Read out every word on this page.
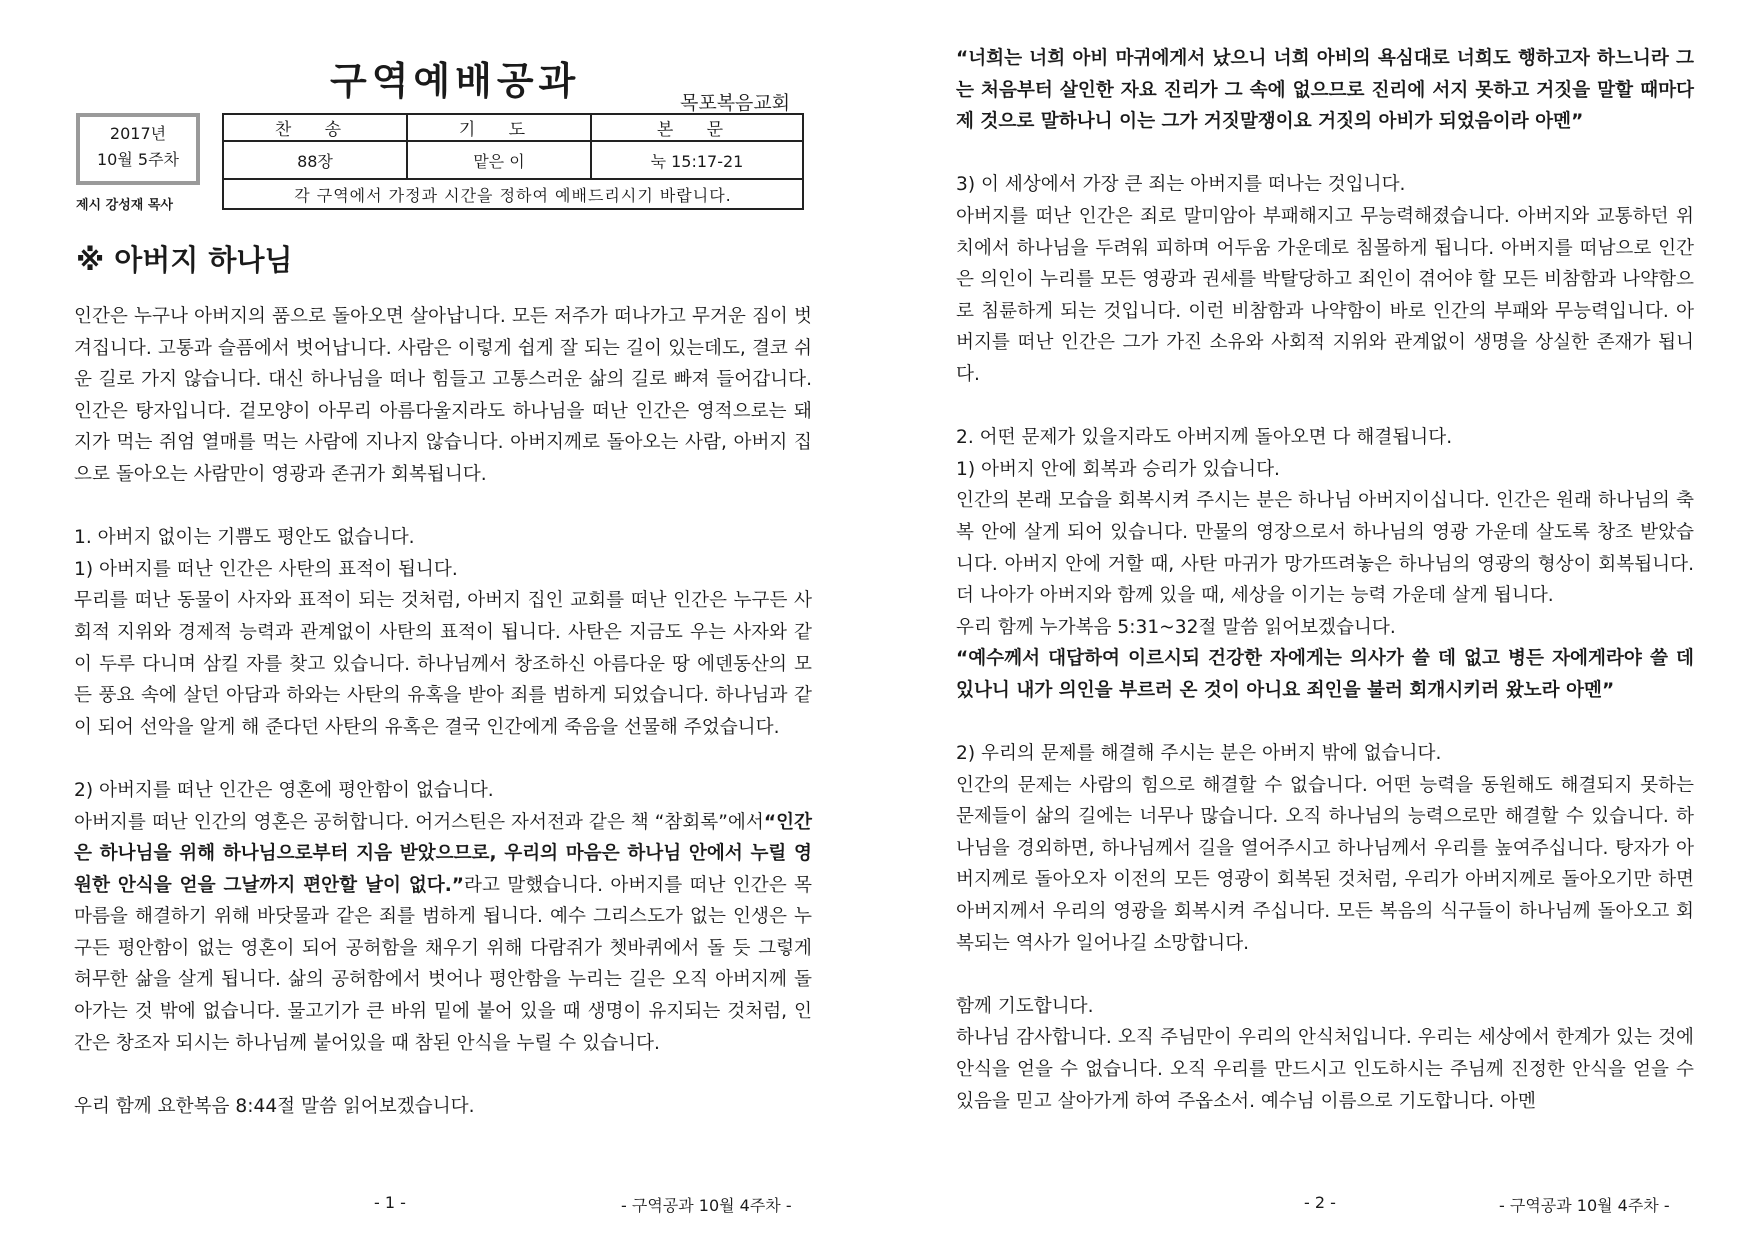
구역예배공과	목포복음교회
2017년
10월 5주차
제시 강성재 목사
찬 송	기 도	본 문
88장	맡은 이	눅 15:17-21
각 구역에서 가정과 시간을 정하여 예배드리시기 바랍니다.		
※ 아버지 하나님

인간은 누구나 아버지의 품으로 돌아오면 살아납니다. 모든 저주가 떠나가고 무거운 짐이 벗겨집니다. 고통과 슬픔에서 벗어납니다. 사람은 이렇게 쉽게 잘 되는 길이 있는데도, 결코 쉬운 길로 가지 않습니다. 대신 하나님을 떠나 힘들고 고통스러운 삶의 길로 빠져 들어갑니다. 인간은 탕자입니다. 겉모양이 아무리 아름다울지라도 하나님을 떠난 인간은 영적으로는 돼지가 먹는 쥐엄 열매를 먹는 사람에 지나지 않습니다. 아버지께로 돌아오는 사람, 아버지 집으로 돌아오는 사람만이 영광과 존귀가 회복됩니다.

1. 아버지 없이는 기쁨도 평안도 없습니다.

1) 아버지를 떠난 인간은 사탄의 표적이 됩니다.

무리를 떠난 동물이 사자와 표적이 되는 것처럼, 아버지 집인 교회를 떠난 인간은 누구든 사회적 지위와 경제적 능력과 관계없이 사탄의 표적이 됩니다. 사탄은 지금도 우는 사자와 같이 두루 다니며 삼킬 자를 찾고 있습니다. 하나님께서 창조하신 아름다운 땅 에덴동산의 모든 풍요 속에 살던 아담과 하와는 사탄의 유혹을 받아 죄를 범하게 되었습니다. 하나님과 같이 되어 선악을 알게 해 준다던 사탄의 유혹은 결국 인간에게 죽음을 선물해 주었습니다.

2) 아버지를 떠난 인간은 영혼에 평안함이 없습니다.

아버지를 떠난 인간의 영혼은 공허합니다. 어거스틴은 자서전과 같은 책 “참회록”에서“인간은 하나님을 위해 하나님으로부터 지음 받았으므로, 우리의 마음은 하나님 안에서 누릴 영원한 안식을 얻을 그날까지 편안할 날이 없다.”라고 말했습니다. 아버지를 떠난 인간은 목마름을 해결하기 위해 바닷물과 같은 죄를 범하게 됩니다. 예수 그리스도가 없는 인생은 누구든 평안함이 없는 영혼이 되어 공허함을 채우기 위해 다람쥐가 쳇바퀴에서 돌 듯 그렇게 허무한 삶을 살게 됩니다. 삶의 공허함에서 벗어나 평안함을 누리는 길은 오직 아버지께 돌아가는 것 밖에 없습니다. 물고기가 큰 바위 밑에 붙어 있을 때 생명이 유지되는 것처럼, 인간은 창조자 되시는 하나님께 붙어있을 때 참된 안식을 누릴 수 있습니다.

우리 함께 요한복음 8:44절 말씀 읽어보겠습니다.

- 1 -	- 구역공과 10월 4주차 -

“너희는 너희 아비 마귀에게서 났으니 너희 아비의 욕심대로 너희도 행하고자 하느니라 그는 처음부터 살인한 자요 진리가 그 속에 없으므로 진리에 서지 못하고 거짓을 말할 때마다 제 것으로 말하나니 이는 그가 거짓말쟁이요 거짓의 아비가 되었음이라 아멘”

3) 이 세상에서 가장 큰 죄는 아버지를 떠나는 것입니다.

아버지를 떠난 인간은 죄로 말미암아 부패해지고 무능력해졌습니다. 아버지와 교통하던 위치에서 하나님을 두려워 피하며 어두움 가운데로 침몰하게 됩니다. 아버지를 떠남으로 인간은 의인이 누리를 모든 영광과 권세를 박탈당하고 죄인이 겪어야 할 모든 비참함과 나약함으로 침륜하게 되는 것입니다. 이런 비참함과 나약함이 바로 인간의 부패와 무능력입니다. 아버지를 떠난 인간은 그가 가진 소유와 사회적 지위와 관계없이 생명을 상실한 존재가 됩니다.

2. 어떤 문제가 있을지라도 아버지께 돌아오면 다 해결됩니다.

1) 아버지 안에 회복과 승리가 있습니다.

인간의 본래 모습을 회복시켜 주시는 분은 하나님 아버지이십니다. 인간은 원래 하나님의 축복 안에 살게 되어 있습니다. 만물의 영장으로서 하나님의 영광 가운데 살도록 창조 받았습니다. 아버지 안에 거할 때, 사탄 마귀가 망가뜨려놓은 하나님의 영광의 형상이 회복됩니다. 더 나아가 아버지와 함께 있을 때, 세상을 이기는 능력 가운데 살게 됩니다.

우리 함께 누가복음 5:31~32절 말씀 읽어보겠습니다.

“예수께서 대답하여 이르시되 건강한 자에게는 의사가 쓸 데 없고 병든 자에게라야 쓸 데 있나니 내가 의인을 부르러 온 것이 아니요 죄인을 불러 회개시키러 왔노라 아멘”

2) 우리의 문제를 해결해 주시는 분은 아버지 밖에 없습니다.

인간의 문제는 사람의 힘으로 해결할 수 없습니다. 어떤 능력을 동원해도 해결되지 못하는 문제들이 삶의 길에는 너무나 많습니다. 오직 하나님의 능력으로만 해결할 수 있습니다. 하나님을 경외하면, 하나님께서 길을 열어주시고 하나님께서 우리를 높여주십니다. 탕자가 아버지께로 돌아오자 이전의 모든 영광이 회복된 것처럼, 우리가 아버지께로 돌아오기만 하면 아버지께서 우리의 영광을 회복시켜 주십니다. 모든 복음의 식구들이 하나님께 돌아오고 회복되는 역사가 일어나길 소망합니다.

함께 기도합니다.

하나님 감사합니다. 오직 주님만이 우리의 안식처입니다. 우리는 세상에서 한계가 있는 것에 안식을 얻을 수 없습니다. 오직 우리를 만드시고 인도하시는 주님께 진정한 안식을 얻을 수 있음을 믿고 살아가게 하여 주옵소서. 예수님 이름으로 기도합니다. 아멘

- 2 -	- 구역공과 10월 4주차 -
